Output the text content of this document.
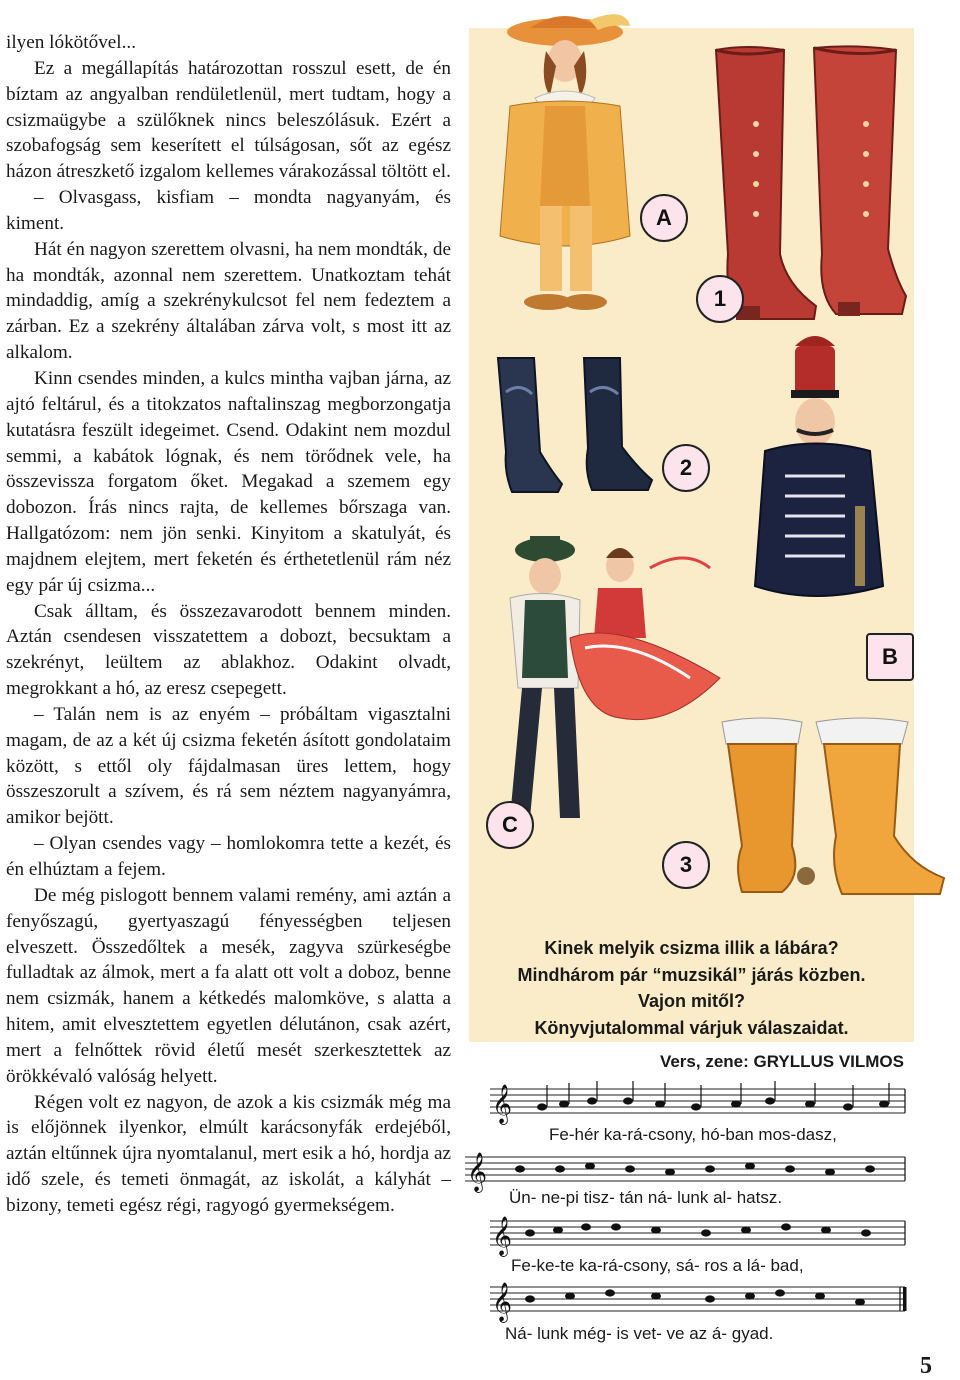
ilyen lókötővel...

Ez a megállapítás határozottan rosszul esett, de én bíztam az angyalban rendületlenül, mert tudtam, hogy a csizmaügybe a szülőknek nincs beleszólásuk. Ezért a szobafogság sem keserített el túlságosan, sőt az egész házon átreszkető izgalom kellemes várakozással töltött el.

– Olvasgass, kisfiam – mondta nagyanyám, és kiment.

Hát én nagyon szerettem olvasni, ha nem mondták, de ha mondták, azonnal nem szerettem. Unatkoztam tehát mindaddig, amíg a szekrénykulcsot fel nem fedeztem a zárban. Ez a szekrény általában zárva volt, s most itt az alkalom.

Kinn csendes minden, a kulcs mintha vajban járna, az ajtó feltárul, és a titokzatos naftalinszag megborzongatja kutatásra feszült idegeimet. Csend. Odakint nem mozdul semmi, a kabátok lógnak, és nem törődnek vele, ha összevissza forgatom őket. Megakad a szemem egy dobozon. Írás nincs rajta, de kellemes bőrszaga van. Hallgatózom: nem jön senki. Kinyitom a skatulyát, és majdnem elejtem, mert feketén és érthetetlenül rám néz egy pár új csizma...

Csak álltam, és összezavarodott bennem minden. Aztán csendesen visszatettem a dobozt, becsuktam a szekrényt, leültem az ablakhoz. Odakint olvadt, megrokkant a hó, az eresz csepegett.

– Talán nem is az enyém – próbáltam vigasztalni magam, de az a két új csizma feketén ásított gondolataim között, s ettől oly fájdalmasan üres lettem, hogy összeszorult a szívem, és rá sem néztem nagyanyámra, amikor bejött.

– Olyan csendes vagy – homlokomra tette a kezét, és én elhúztam a fejem.

De még pislogott bennem valami remény, ami aztán a fenyőszagú, gyertyaszagú fényességben teljesen elveszett. Összedőltek a mesék, zagyva szürkeségbe fulladtak az álmok, mert a fa alatt ott volt a doboz, benne nem csizmák, hanem a kétkedés malomköve, s alatta a hitem, amit elvesztettem egyetlen délutánon, csak azért, mert a felnőttek rövid életű mesét szerkesztettek az örökkévaló valóság helyett.

Régen volt ez nagyon, de azok a kis csizmák még ma is előjönnek ilyenkor, elmúlt karácsonyfák erdejéből, aztán eltűnnek újra nyomtalanul, mert esik a hó, hordja az idő szele, és temeti önmagát, az iskolát, a kályhát – bizony, temeti egész régi, ragyogó gyermekségem.

A
1
2
B
C
3
Kinek melyik csizma illik a lábára?
Mindhárom pár “muzsikál” járás közben.
Vajon mitől?
Könyvjutalommal várjuk válaszaidat.
Vers, zene: GRYLLUS VILMOS
𝄞
𝄞
𝄞
𝄞
Fe-hér ka-rá-csony, hó-ban mos-dasz,
Ün- ne-pi tisz- tán ná- lunk al- hatsz.
Fe-ke-te ka-rá-csony, sá- ros a lá- bad,
Ná- lunk még- is vet- ve az á- gyad.
5
